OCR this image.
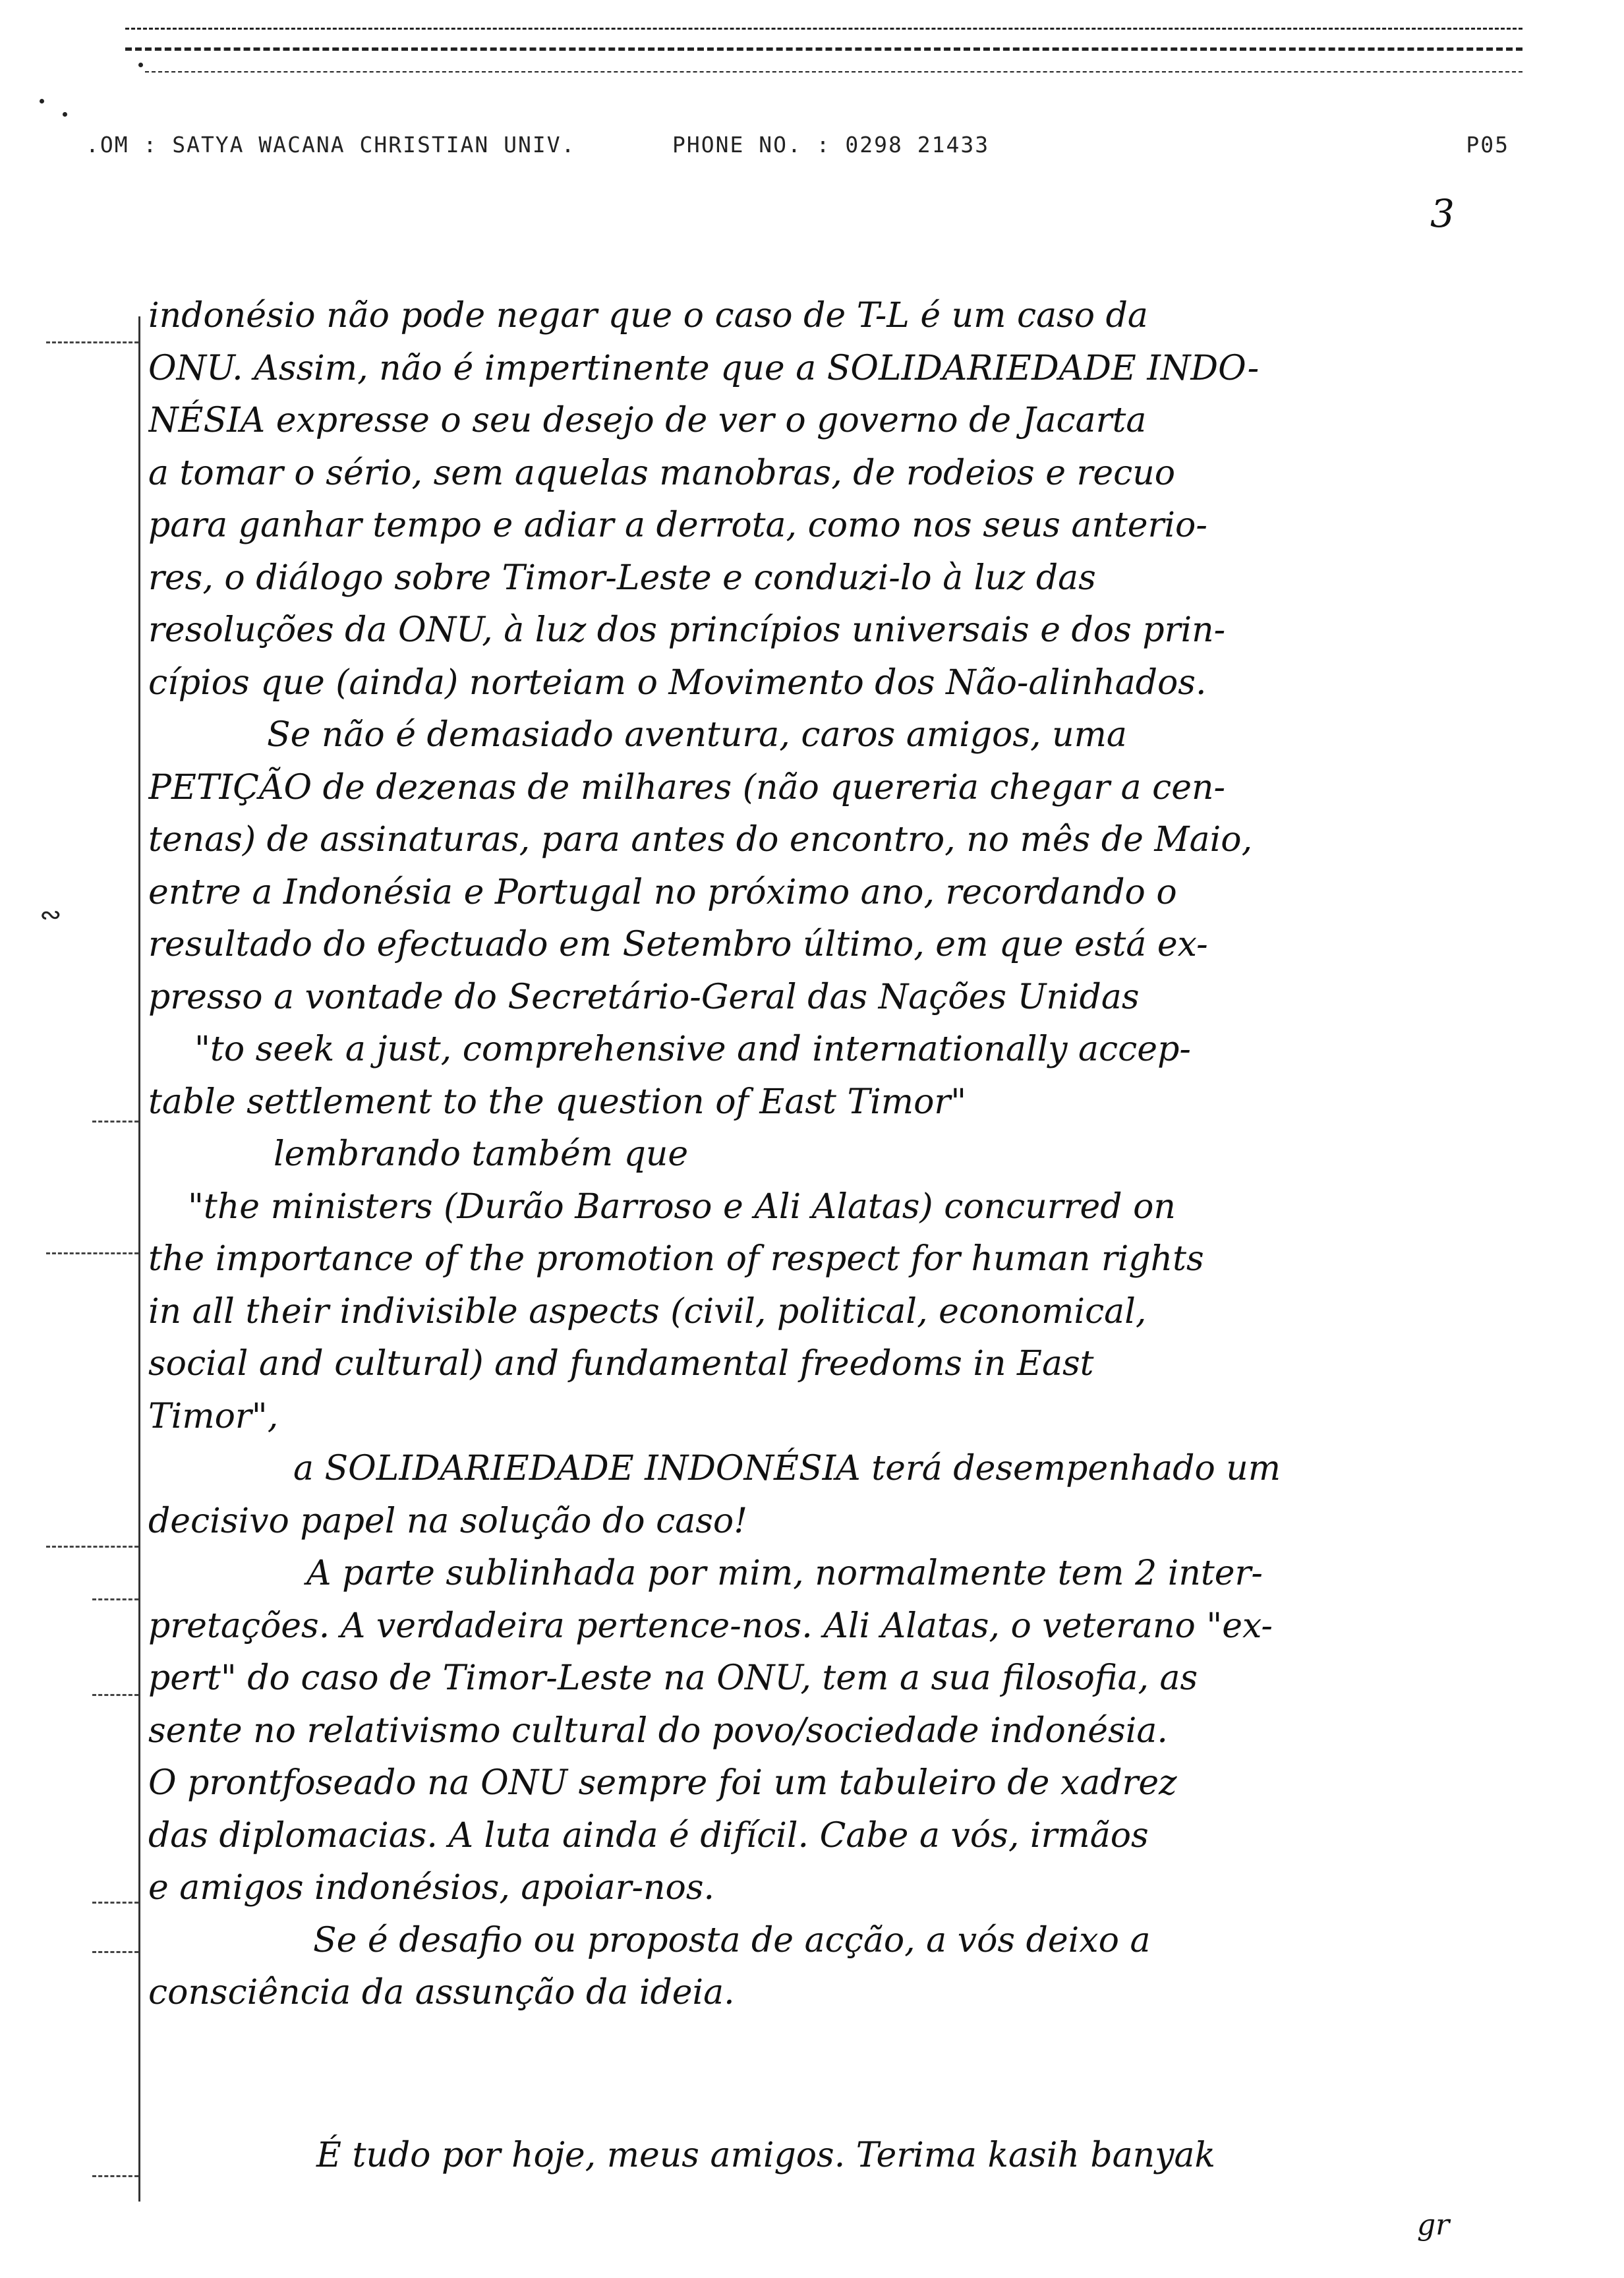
.OM : SATYA WACANA CHRISTIAN UNIV.	PHONE NO. : 0298 21433	P05
3
∾
indonésio não pode negar que o caso de T-L é um caso da
ONU. Assim, não é impertinente que a SOLIDARIEDADE INDO-
NÉSIA expresse o seu desejo de ver o governo de Jacarta
a tomar o sério, sem aquelas manobras, de rodeios e recuo
para ganhar tempo e adiar a derrota, como nos seus anterio-
res, o diálogo sobre Timor-Leste e conduzi-lo à luz das
resoluções da ONU, à luz dos princípios universais e dos prin-
cípios que (ainda) norteiam o Movimento dos Não-alinhados.
Se não é demasiado aventura, caros amigos, uma
PETIÇÃO de dezenas de milhares (não quereria chegar a cen-
tenas) de assinaturas, para antes do encontro, no mês de Maio,
entre a Indonésia e Portugal no próximo ano, recordando o
resultado do efectuado em Setembro último, em que está ex-
presso a vontade do Secretário-Geral das Nações Unidas
"to seek a just, comprehensive and internationally accep-
table settlement to the question of East Timor"
lembrando também que
"the ministers (Durão Barroso e Ali Alatas) concurred on
the importance of the promotion of respect for human rights
in all their indivisible aspects (civil, political, economical,
social and cultural) and fundamental freedoms in East
Timor",
a SOLIDARIEDADE INDONÉSIA terá desempenhado um
decisivo papel na solução do caso!
A parte sublinhada por mim, normalmente tem 2 inter-
pretações. A verdadeira pertence-nos. Ali Alatas, o veterano "ex-
pert" do caso de Timor-Leste na ONU, tem a sua filosofia, as
sente no relativismo cultural do povo/sociedade indonésia.
O prontfoseado na ONU sempre foi um tabuleiro de xadrez
das diplomacias. A luta ainda é difícil. Cabe a vós, irmãos
e amigos indonésios, apoiar-nos.
Se é desafio ou proposta de acção, a vós deixo a
consciência da assunção da ideia.
É tudo por hoje, meus amigos. Terima kasih banyak
gr
